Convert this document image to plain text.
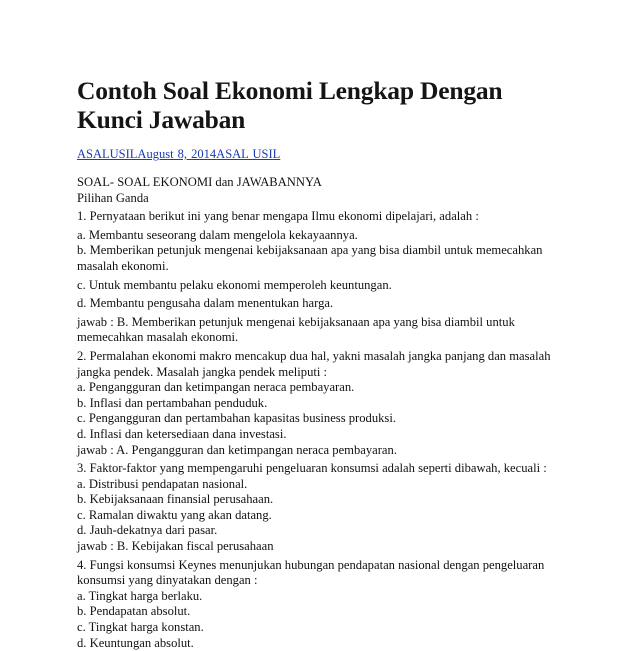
Contoh Soal Ekonomi Lengkap Dengan
Kunci Jawaban
ASALUSILAugust 8, 2014ASAL USIL

SOAL- SOAL EKONOMI dan JAWABANNYA
Pilihan Ganda

1. Pernyataan berikut ini yang benar mengapa Ilmu ekonomi dipelajari, adalah :

a. Membantu seseorang dalam mengelola kekayaannya.
b. Memberikan petunjuk mengenai kebijaksanaan apa yang bisa diambil untuk memecahkan
masalah ekonomi.

c. Untuk membantu pelaku ekonomi memperoleh keuntungan.

d. Membantu pengusaha dalam menentukan harga.

jawab : B. Memberikan petunjuk mengenai kebijaksanaan apa yang bisa diambil untuk
memecahkan masalah ekonomi.

2. Permalahan ekonomi makro mencakup dua hal, yakni masalah jangka panjang dan masalah
jangka pendek. Masalah jangka pendek meliputi :
a. Pengangguran dan ketimpangan neraca pembayaran.
b. Inflasi dan pertambahan penduduk.
c. Pengangguran dan pertambahan kapasitas business produksi.
d. Inflasi dan ketersediaan dana investasi.
jawab : A. Pengangguran dan ketimpangan neraca pembayaran.

3. Faktor-faktor yang mempengaruhi pengeluaran konsumsi adalah seperti dibawah, kecuali :
a. Distribusi pendapatan nasional.
b. Kebijaksanaan finansial perusahaan.
c. Ramalan diwaktu yang akan datang.
d. Jauh-dekatnya dari pasar.
jawab : B. Kebijakan fiscal perusahaan

4. Fungsi konsumsi Keynes menunjukan hubungan pendapatan nasional dengan pengeluaran
konsumsi yang dinyatakan dengan :
a. Tingkat harga berlaku.
b. Pendapatan absolut.
c. Tingkat harga konstan.
d. Keuntungan absolut.
